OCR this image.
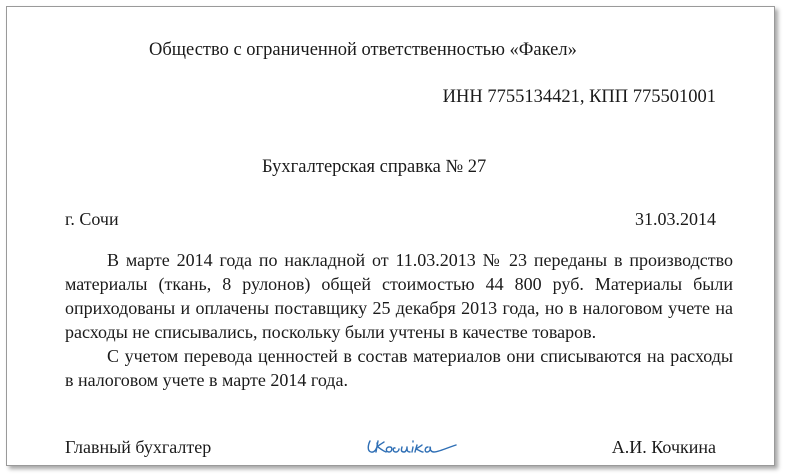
Общество с ограниченной ответственностью «Факел»
ИНН 7755134421, КПП 775501001
Бухгалтерская справка № 27
г. Сочи	31.03.2014

В марте 2014 года по накладной от 11.03.2013 № 23 переданы в производство материалы (ткань, 8 рулонов) общей стоимостью 44 800 руб. Материалы были оприходованы и оплачены поставщику 25 декабря 2013 года, но в налоговом учете на расходы не списывались, поскольку были учтены в качестве товаров.

С учетом перевода ценностей в состав материалов они списываются на расходы в налоговом учете в марте 2014 года.

Главный бухгалтер	А.И. Кочкина
